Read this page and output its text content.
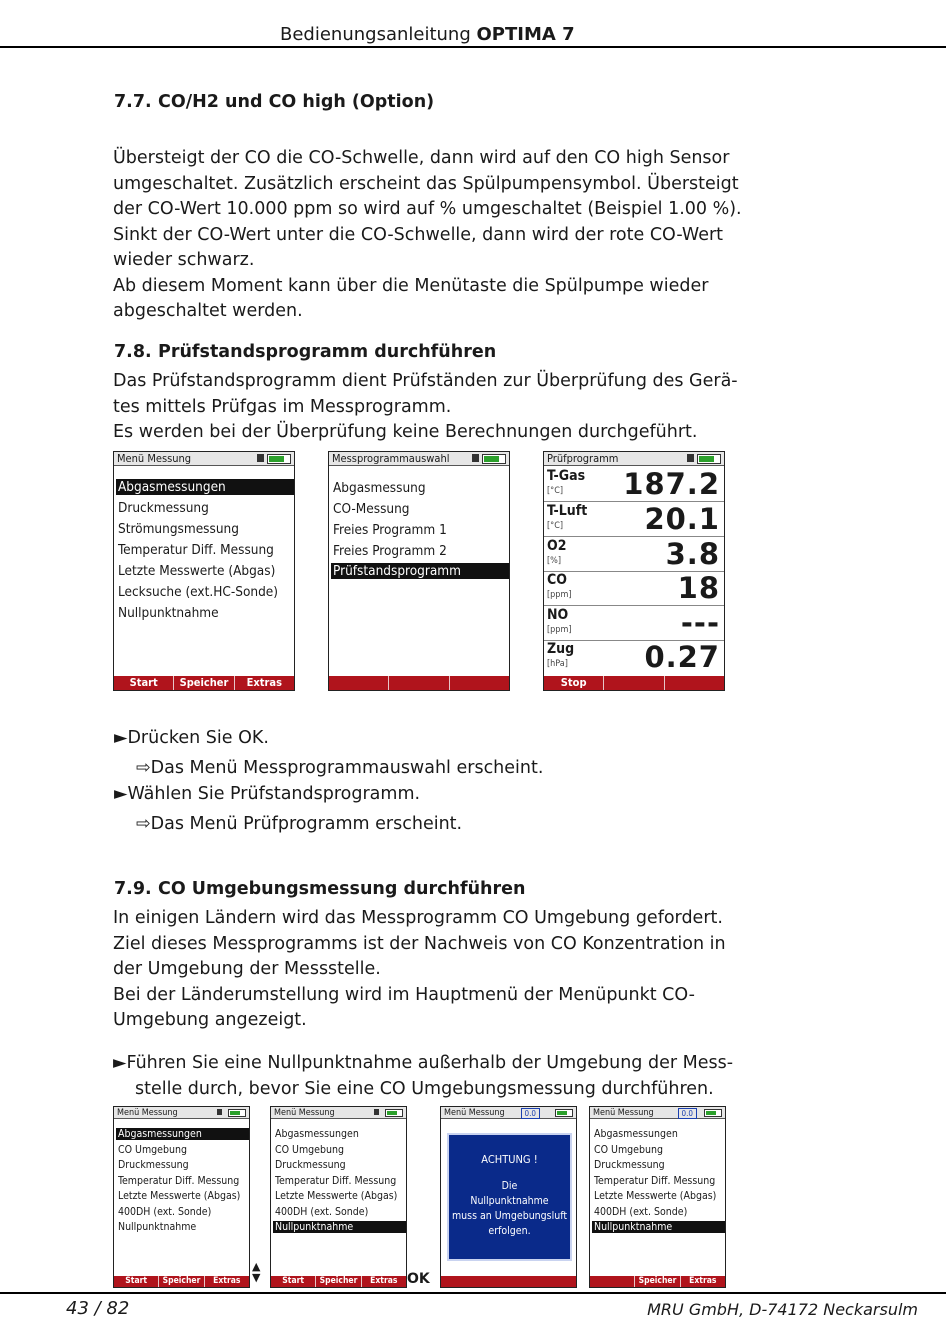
Bedienungsanleitung OPTIMA 7
7.7. CO/H2 und CO high (Option)
Übersteigt der CO die CO-Schwelle, dann wird auf den CO high Sensor
umgeschaltet. Zusätzlich erscheint das Spülpumpensymbol. Übersteigt
der CO-Wert 10.000 ppm so wird auf % umgeschaltet (Beispiel 1.00 %).
Sinkt der CO-Wert unter die CO-Schwelle, dann wird der rote CO-Wert
wieder schwarz.
Ab diesem Moment kann über die Menütaste die Spülpumpe wieder
abgeschaltet werden.
7.8. Prüfstandsprogramm durchführen
Das Prüfstandsprogramm dient Prüfständen zur Überprüfung des Gerä-
tes mittels Prüfgas im Messprogramm.
Es werden bei der Überprüfung keine Berechnungen durchgeführt.
Menü Messung
Abgasmessungen
Druckmessung
Strömungsmessung
Temperatur Diff. Messung
Letzte Messwerte (Abgas)
Lecksuche (ext.HC-Sonde)
Nullpunktnahme
Start	Speicher	Extras
Messprogrammauswahl
Abgasmessung
CO-Messung
Freies Programm 1
Freies Programm 2
Prüfstandsprogramm
Prüfprogramm
T-Gas
[°C] 187.2
T-Luft
[°C]	20.1
O2
[%]	3.8
CO
[ppm]	18
NO
[ppm]	---
Zug
[hPa]	0.27
Stop
►Drücken Sie OK.
⇨Das Menü Messprogrammauswahl erscheint.
►Wählen Sie Prüfstandsprogramm.
⇨Das Menü Prüfprogramm erscheint.
7.9. CO Umgebungsmessung durchführen
In einigen Ländern wird das Messprogramm CO Umgebung gefordert.
Ziel dieses Messprogramms ist der Nachweis von CO Konzentration in
der Umgebung der Messstelle.
Bei der Länderumstellung wird im Hauptmenü der Menüpunkt CO-
Umgebung angezeigt.
►Führen Sie eine Nullpunktnahme außerhalb der Umgebung der Mess-
stelle durch, bevor Sie eine CO Umgebungsmessung durchführen.
Menü Messung
Abgasmessungen
CO Umgebung
Druckmessung
Temperatur Diff. Messung
Letzte Messwerte (Abgas)
400DH (ext. Sonde)
Nullpunktnahme
Start	Speicher	Extras
▲
▼
Menü Messung
Abgasmessungen
CO Umgebung
Druckmessung
Temperatur Diff. Messung
Letzte Messwerte (Abgas)
400DH (ext. Sonde)
Nullpunktnahme
Start	Speicher	Extras OK
Menü Messung	0.0
ACHTUNG !
Die
Nullpunktnahme
muss an Umgebungsluft
erfolgen.
Menü Messung	0.0
Abgasmessungen
CO Umgebung
Druckmessung
Temperatur Diff. Messung
Letzte Messwerte (Abgas)
400DH (ext. Sonde)
Nullpunktnahme
Speicher	Extras
43 / 82	MRU GmbH, D-74172 Neckarsulm
